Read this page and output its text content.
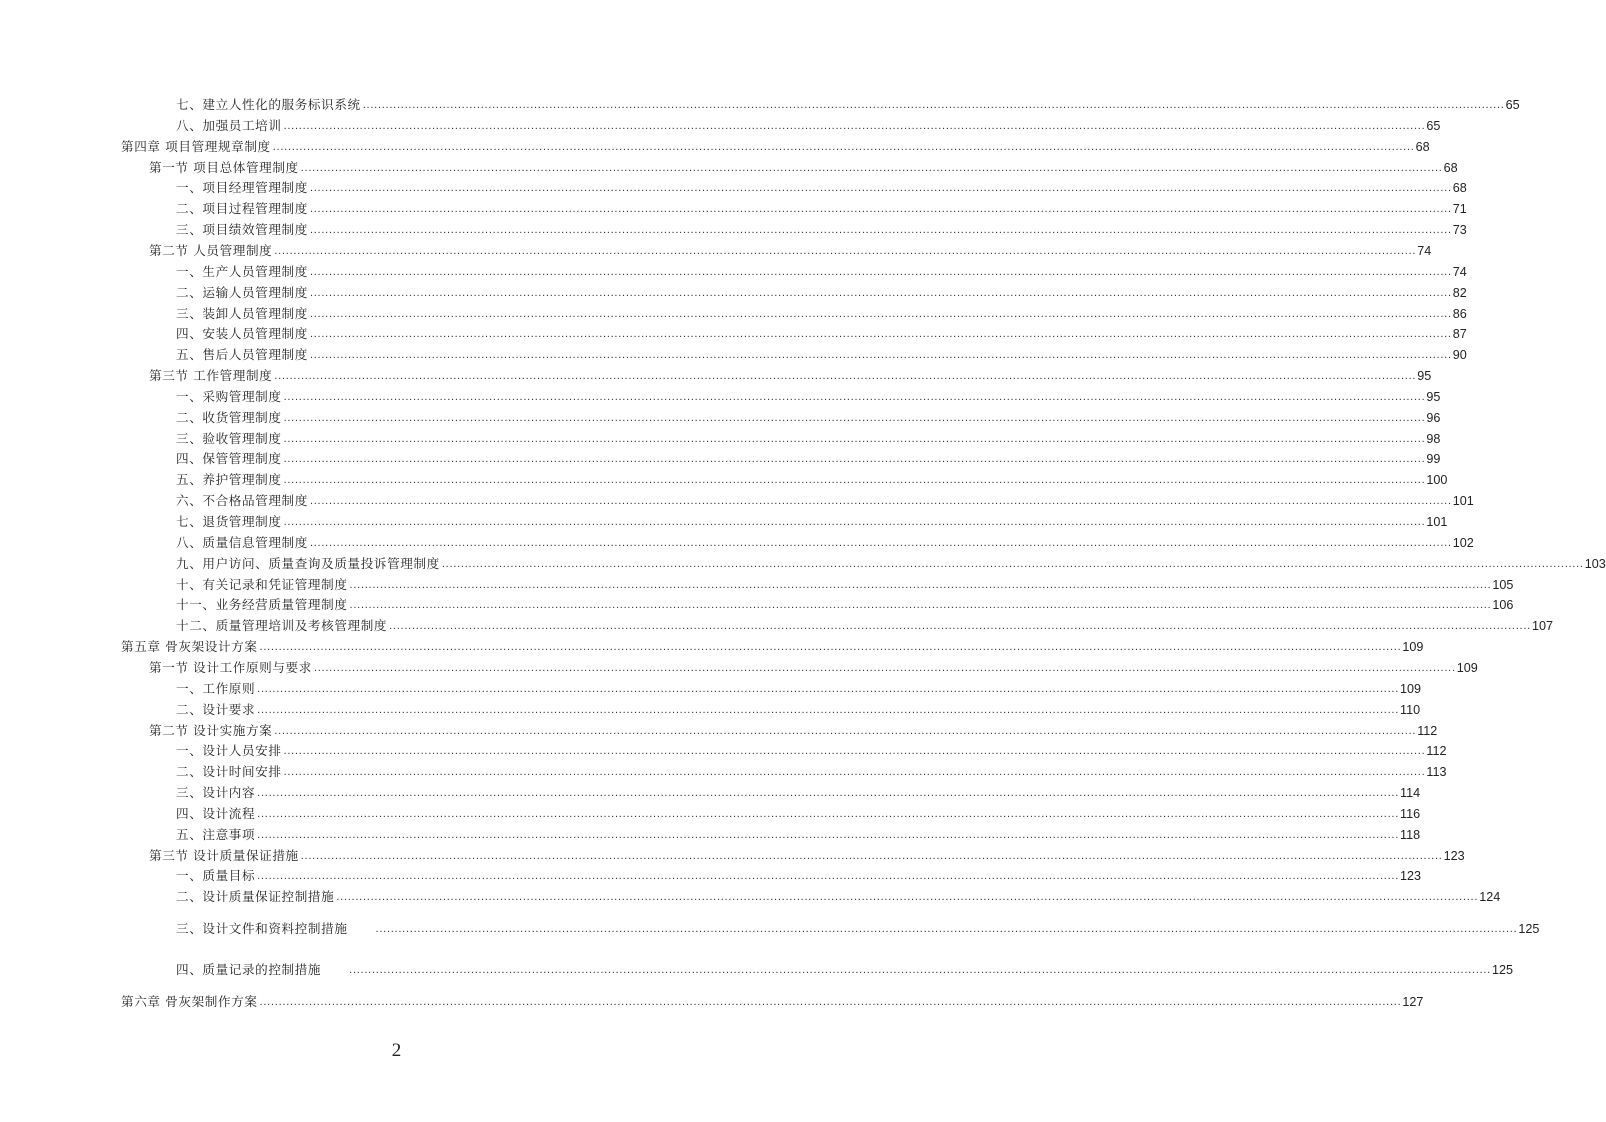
七、建立人性化的服务标识系统 ............................................................................................................................................................................................................................................................................................................ 65
八、加强员工培训 ............................................................................................................................................................................................................................................................................................................ 65
第四章 项目管理规章制度 ............................................................................................................................................................................................................................................................................................................ 68
第一节 项目总体管理制度 ............................................................................................................................................................................................................................................................................................................ 68
一、项目经理管理制度 ............................................................................................................................................................................................................................................................................................................ 68
二、项目过程管理制度 ............................................................................................................................................................................................................................................................................................................ 71
三、项目绩效管理制度 ............................................................................................................................................................................................................................................................................................................ 73
第二节 人员管理制度 ............................................................................................................................................................................................................................................................................................................ 74
一、生产人员管理制度 ............................................................................................................................................................................................................................................................................................................ 74
二、运输人员管理制度 ............................................................................................................................................................................................................................................................................................................ 82
三、装卸人员管理制度 ............................................................................................................................................................................................................................................................................................................ 86
四、安装人员管理制度 ............................................................................................................................................................................................................................................................................................................ 87
五、售后人员管理制度 ............................................................................................................................................................................................................................................................................................................ 90
第三节 工作管理制度 ............................................................................................................................................................................................................................................................................................................ 95
一、采购管理制度 ............................................................................................................................................................................................................................................................................................................ 95
二、收货管理制度 ............................................................................................................................................................................................................................................................................................................ 96
三、验收管理制度 ............................................................................................................................................................................................................................................................................................................ 98
四、保管管理制度 ............................................................................................................................................................................................................................................................................................................ 99
五、养护管理制度 ............................................................................................................................................................................................................................................................................................................ 100
六、不合格品管理制度 ............................................................................................................................................................................................................................................................................................................ 101
七、退货管理制度 ............................................................................................................................................................................................................................................................................................................ 101
八、质量信息管理制度 ............................................................................................................................................................................................................................................................................................................ 102
九、用户访问、质量查询及质量投诉管理制度 ............................................................................................................................................................................................................................................................................................................ 103
十、有关记录和凭证管理制度 ............................................................................................................................................................................................................................................................................................................ 105
十一、业务经营质量管理制度 ............................................................................................................................................................................................................................................................................................................ 106
十二、质量管理培训及考核管理制度 ............................................................................................................................................................................................................................................................................................................ 107
第五章 骨灰架设计方案 ............................................................................................................................................................................................................................................................................................................ 109
第一节 设计工作原则与要求 ............................................................................................................................................................................................................................................................................................................ 109
一、工作原则 ............................................................................................................................................................................................................................................................................................................ 109
二、设计要求 ............................................................................................................................................................................................................................................................................................................ 110
第二节 设计实施方案 ............................................................................................................................................................................................................................................................................................................ 112
一、设计人员安排 ............................................................................................................................................................................................................................................................................................................ 112
二、设计时间安排 ............................................................................................................................................................................................................................................................................................................ 113
三、设计内容 ............................................................................................................................................................................................................................................................................................................ 114
四、设计流程 ............................................................................................................................................................................................................................................................................................................ 116
五、注意事项 ............................................................................................................................................................................................................................................................................................................ 118
第三节 设计质量保证措施 ............................................................................................................................................................................................................................................................................................................ 123
一、质量目标 ............................................................................................................................................................................................................................................................................................................ 123
二、设计质量保证控制措施 ............................................................................................................................................................................................................................................................................................................ 124
三、设计文件和资料控制措施	............................................................................................................................................................................................................................................................................................................ 125
四、质量记录的控制措施	............................................................................................................................................................................................................................................................................................................ 125
第六章 骨灰架制作方案 ............................................................................................................................................................................................................................................................................................................ 127
2
